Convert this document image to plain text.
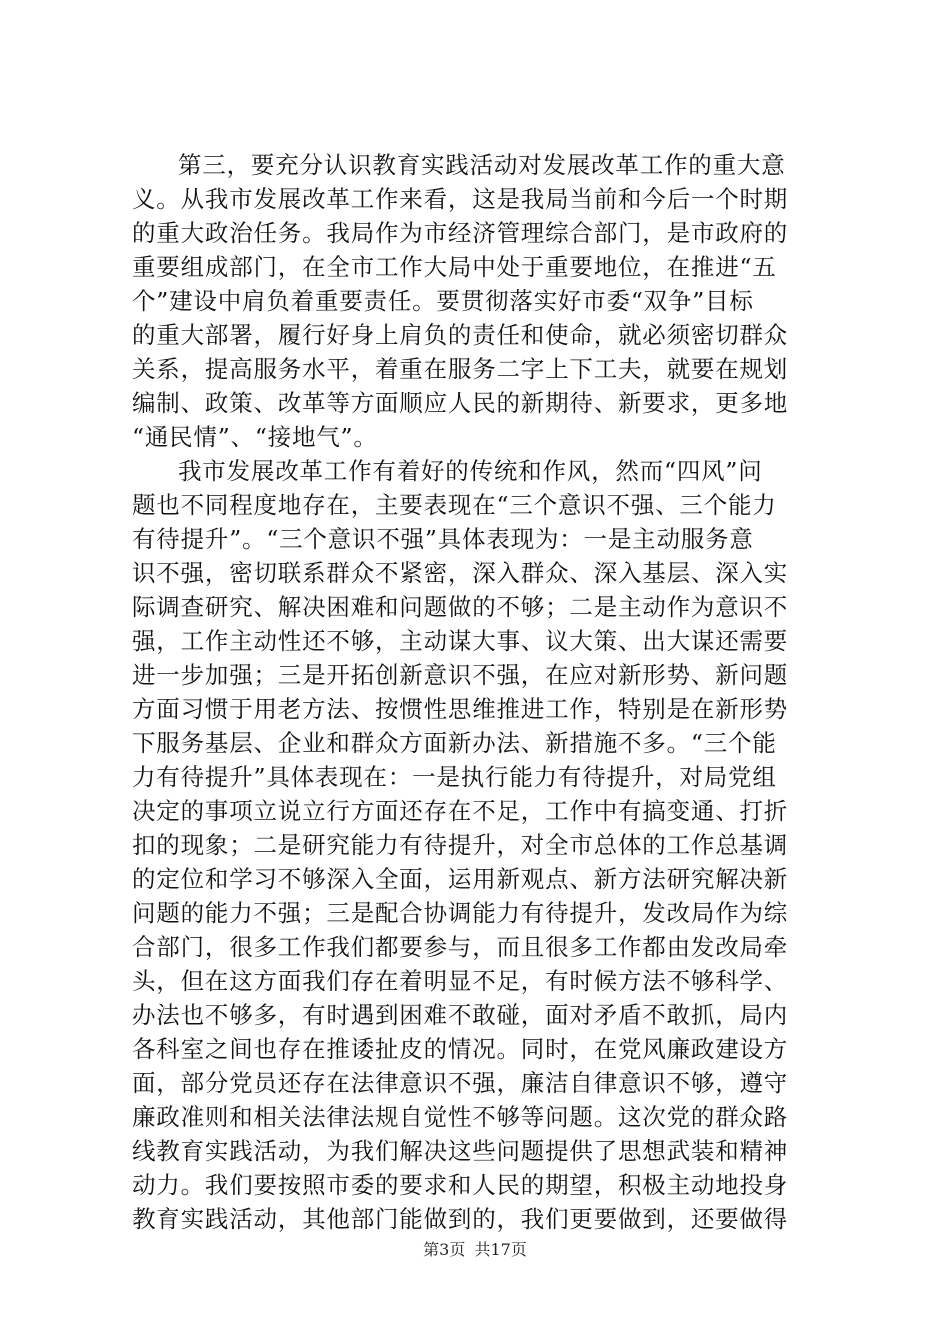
第三，要充分认识教育实践活动对发展改革工作的重大意
义。从我市发展改革工作来看，这是我局当前和今后一个时期
的重大政治任务。我局作为市经济管理综合部门，是市政府的
重要组成部门，在全市工作大局中处于重要地位，在推进“五
个”建设中肩负着重要责任。要贯彻落实好市委“双争”目标
的重大部署，履行好身上肩负的责任和使命，就必须密切群众
关系，提高服务水平，着重在服务二字上下工夫，就要在规划
编制、政策、改革等方面顺应人民的新期待、新要求，更多地
“通民情”、“接地气”。
我市发展改革工作有着好的传统和作风，然而“四风”问
题也不同程度地存在，主要表现在“三个意识不强、三个能力
有待提升”。“三个意识不强”具体表现为：一是主动服务意
识不强，密切联系群众不紧密，深入群众、深入基层、深入实
际调查研究、解决困难和问题做的不够；二是主动作为意识不
强，工作主动性还不够，主动谋大事、议大策、出大谋还需要
进一步加强；三是开拓创新意识不强，在应对新形势、新问题
方面习惯于用老方法、按惯性思维推进工作，特别是在新形势
下服务基层、企业和群众方面新办法、新措施不多。“三个能
力有待提升”具体表现在：一是执行能力有待提升，对局党组
决定的事项立说立行方面还存在不足，工作中有搞变通、打折
扣的现象；二是研究能力有待提升，对全市总体的工作总基调
的定位和学习不够深入全面，运用新观点、新方法研究解决新
问题的能力不强；三是配合协调能力有待提升，发改局作为综
合部门，很多工作我们都要参与，而且很多工作都由发改局牵
头，但在这方面我们存在着明显不足，有时候方法不够科学、
办法也不够多，有时遇到困难不敢碰，面对矛盾不敢抓，局内
各科室之间也存在推诿扯皮的情况。同时，在党风廉政建设方
面，部分党员还存在法律意识不强，廉洁自律意识不够，遵守
廉政准则和相关法律法规自觉性不够等问题。这次党的群众路
线教育实践活动，为我们解决这些问题提供了思想武装和精神
动力。我们要按照市委的要求和人民的期望，积极主动地投身
教育实践活动，其他部门能做到的，我们更要做到，还要做得
第3页 共17页
